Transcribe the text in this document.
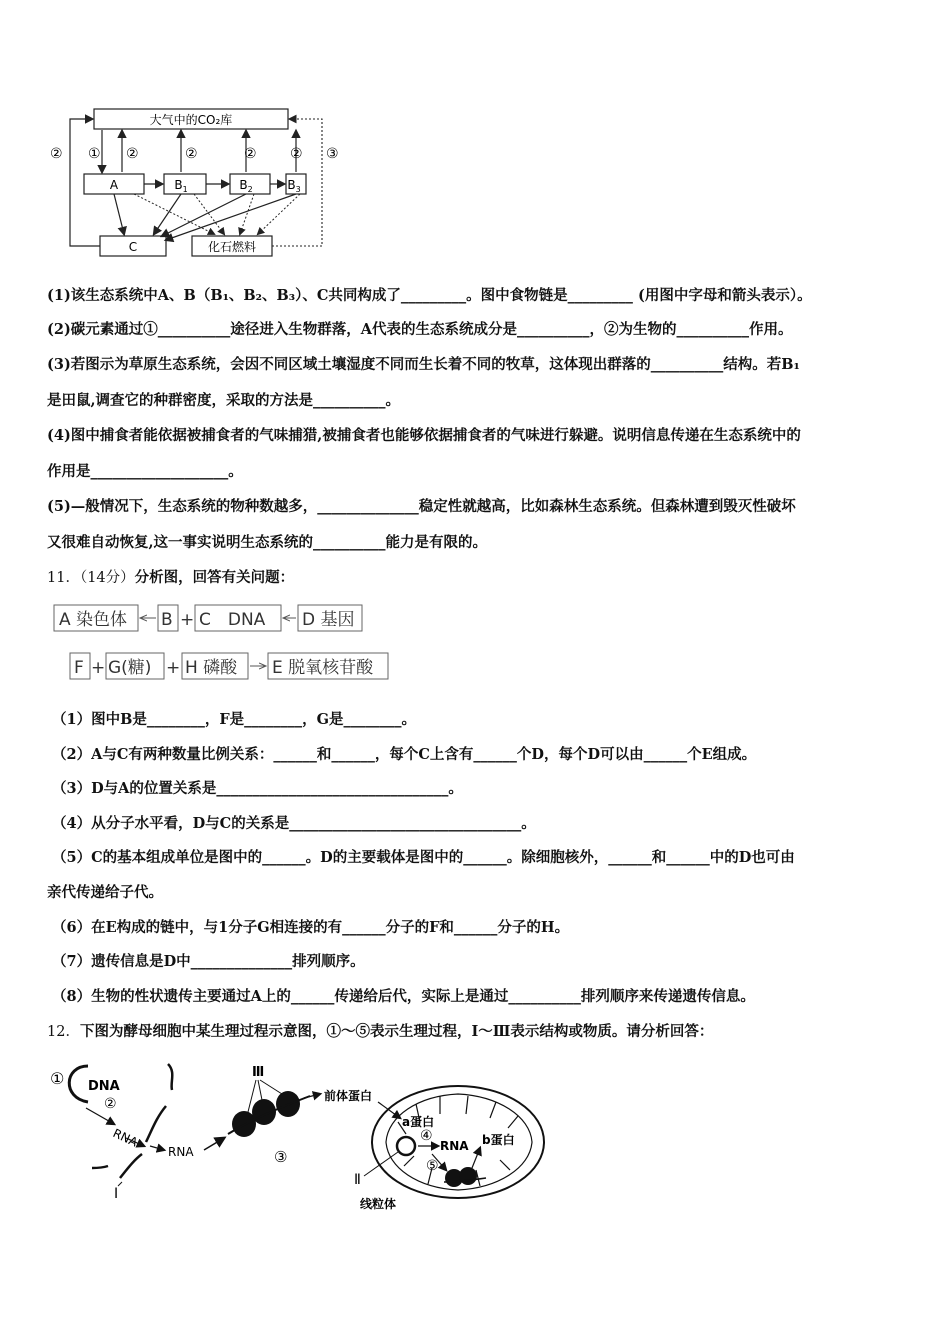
大气中的CO₂库
A	$B_1$	$B_2$	$B_3$
C	化石燃料
① ②	②	② ②
②	③
(1)该生态系统中A、B（B₁、B₂、B₃）、C共同构成了_________。图中食物链是_________ (用图中字母和箭头表示）。
(2)碳元素通过①__________途径进入生物群落，A代表的生态系统成分是__________，②为生物的__________作用。
(3)若图示为草原生态系统，会因不同区域土壤湿度不同而生长着不同的牧草，这体现出群落的__________结构。若B₁
是田鼠,调查它的种群密度，采取的方法是__________。
(4)图中捕食者能依据被捕食者的气味捕猎,被捕食者也能够依据捕食者的气味进行躲避。说明信息传递在生态系统中的
作用是___________________。
(5)—般情况下，生态系统的物种数越多，______________稳定性就越高，比如森林生态系统。但森林遭到毁灭性破坏
又很难自动恢复,这一事实说明生态系统的__________能力是有限的。
11．（14分）分析图，回答有关问题：
A 染色体 B C　DNA D 基因
F G(糖) H 磷酸 E 脱氧核苷酸
+
+	+
（1）图中B是________，F是________，G是________。
（2）A与C有两种数量比例关系：______和______，每个C上含有______个D，每个D可以由______个E组成。
（3）D与A的位置关系是________________________________。
（4）从分子水平看，D与C的关系是________________________________。
（5）C的基本组成单位是图中的______。D的主要载体是图中的______。除细胞核外，______和______中的D也可由
亲代传递给子代。
（6）在E构成的链中，与1分子G相连接的有______分子的F和______分子的H。
（7）遗传信息是D中______________排列顺序。
（8）生物的性状遗传主要通过A上的______传递给后代，实际上是通过__________排列顺序来传递遗传信息。
12．下图为酵母细胞中某生理过程示意图，①～⑤表示生理过程，Ⅰ～Ⅲ表示结构或物质。请分析回答：
① DNA
②
RNA
Ⅰ
RNA
Ⅲ
③
前体蛋白
a蛋白
④
RNA
⑤
b蛋白
Ⅱ
线粒体
